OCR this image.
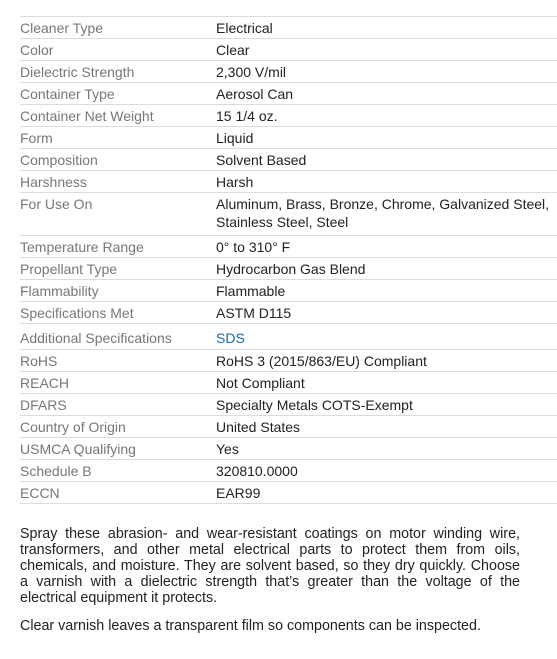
Cleaner Type	Electrical
Color	Clear
Dielectric Strength	2,300 V/mil
Container Type	Aerosol Can
Container Net Weight	15 1/4 oz.
Form	Liquid
Composition	Solvent Based
Harshness	Harsh
For Use On	Aluminum, Brass, Bronze, Chrome, Galvanized Steel, Stainless Steel, Steel
Temperature Range	0° to 310° F
Propellant Type	Hydrocarbon Gas Blend
Flammability	Flammable
Specifications Met	ASTM D115
Additional Specifications	SDS
RoHS	RoHS 3 (2015/863/EU) Compliant
REACH	Not Compliant
DFARS	Specialty Metals COTS-Exempt
Country of Origin	United States
USMCA Qualifying	Yes
Schedule B	320810.0000
ECCN	EAR99

Spray these abrasion- and wear-resistant coatings on motor winding wire, transformers, and other metal electrical parts to protect them from oils, chemicals, and moisture. They are solvent based, so they dry quickly. Choose a varnish with a dielectric strength that’s greater than the voltage of the electrical equipment it protects.

Clear varnish leaves a transparent film so components can be inspected.
